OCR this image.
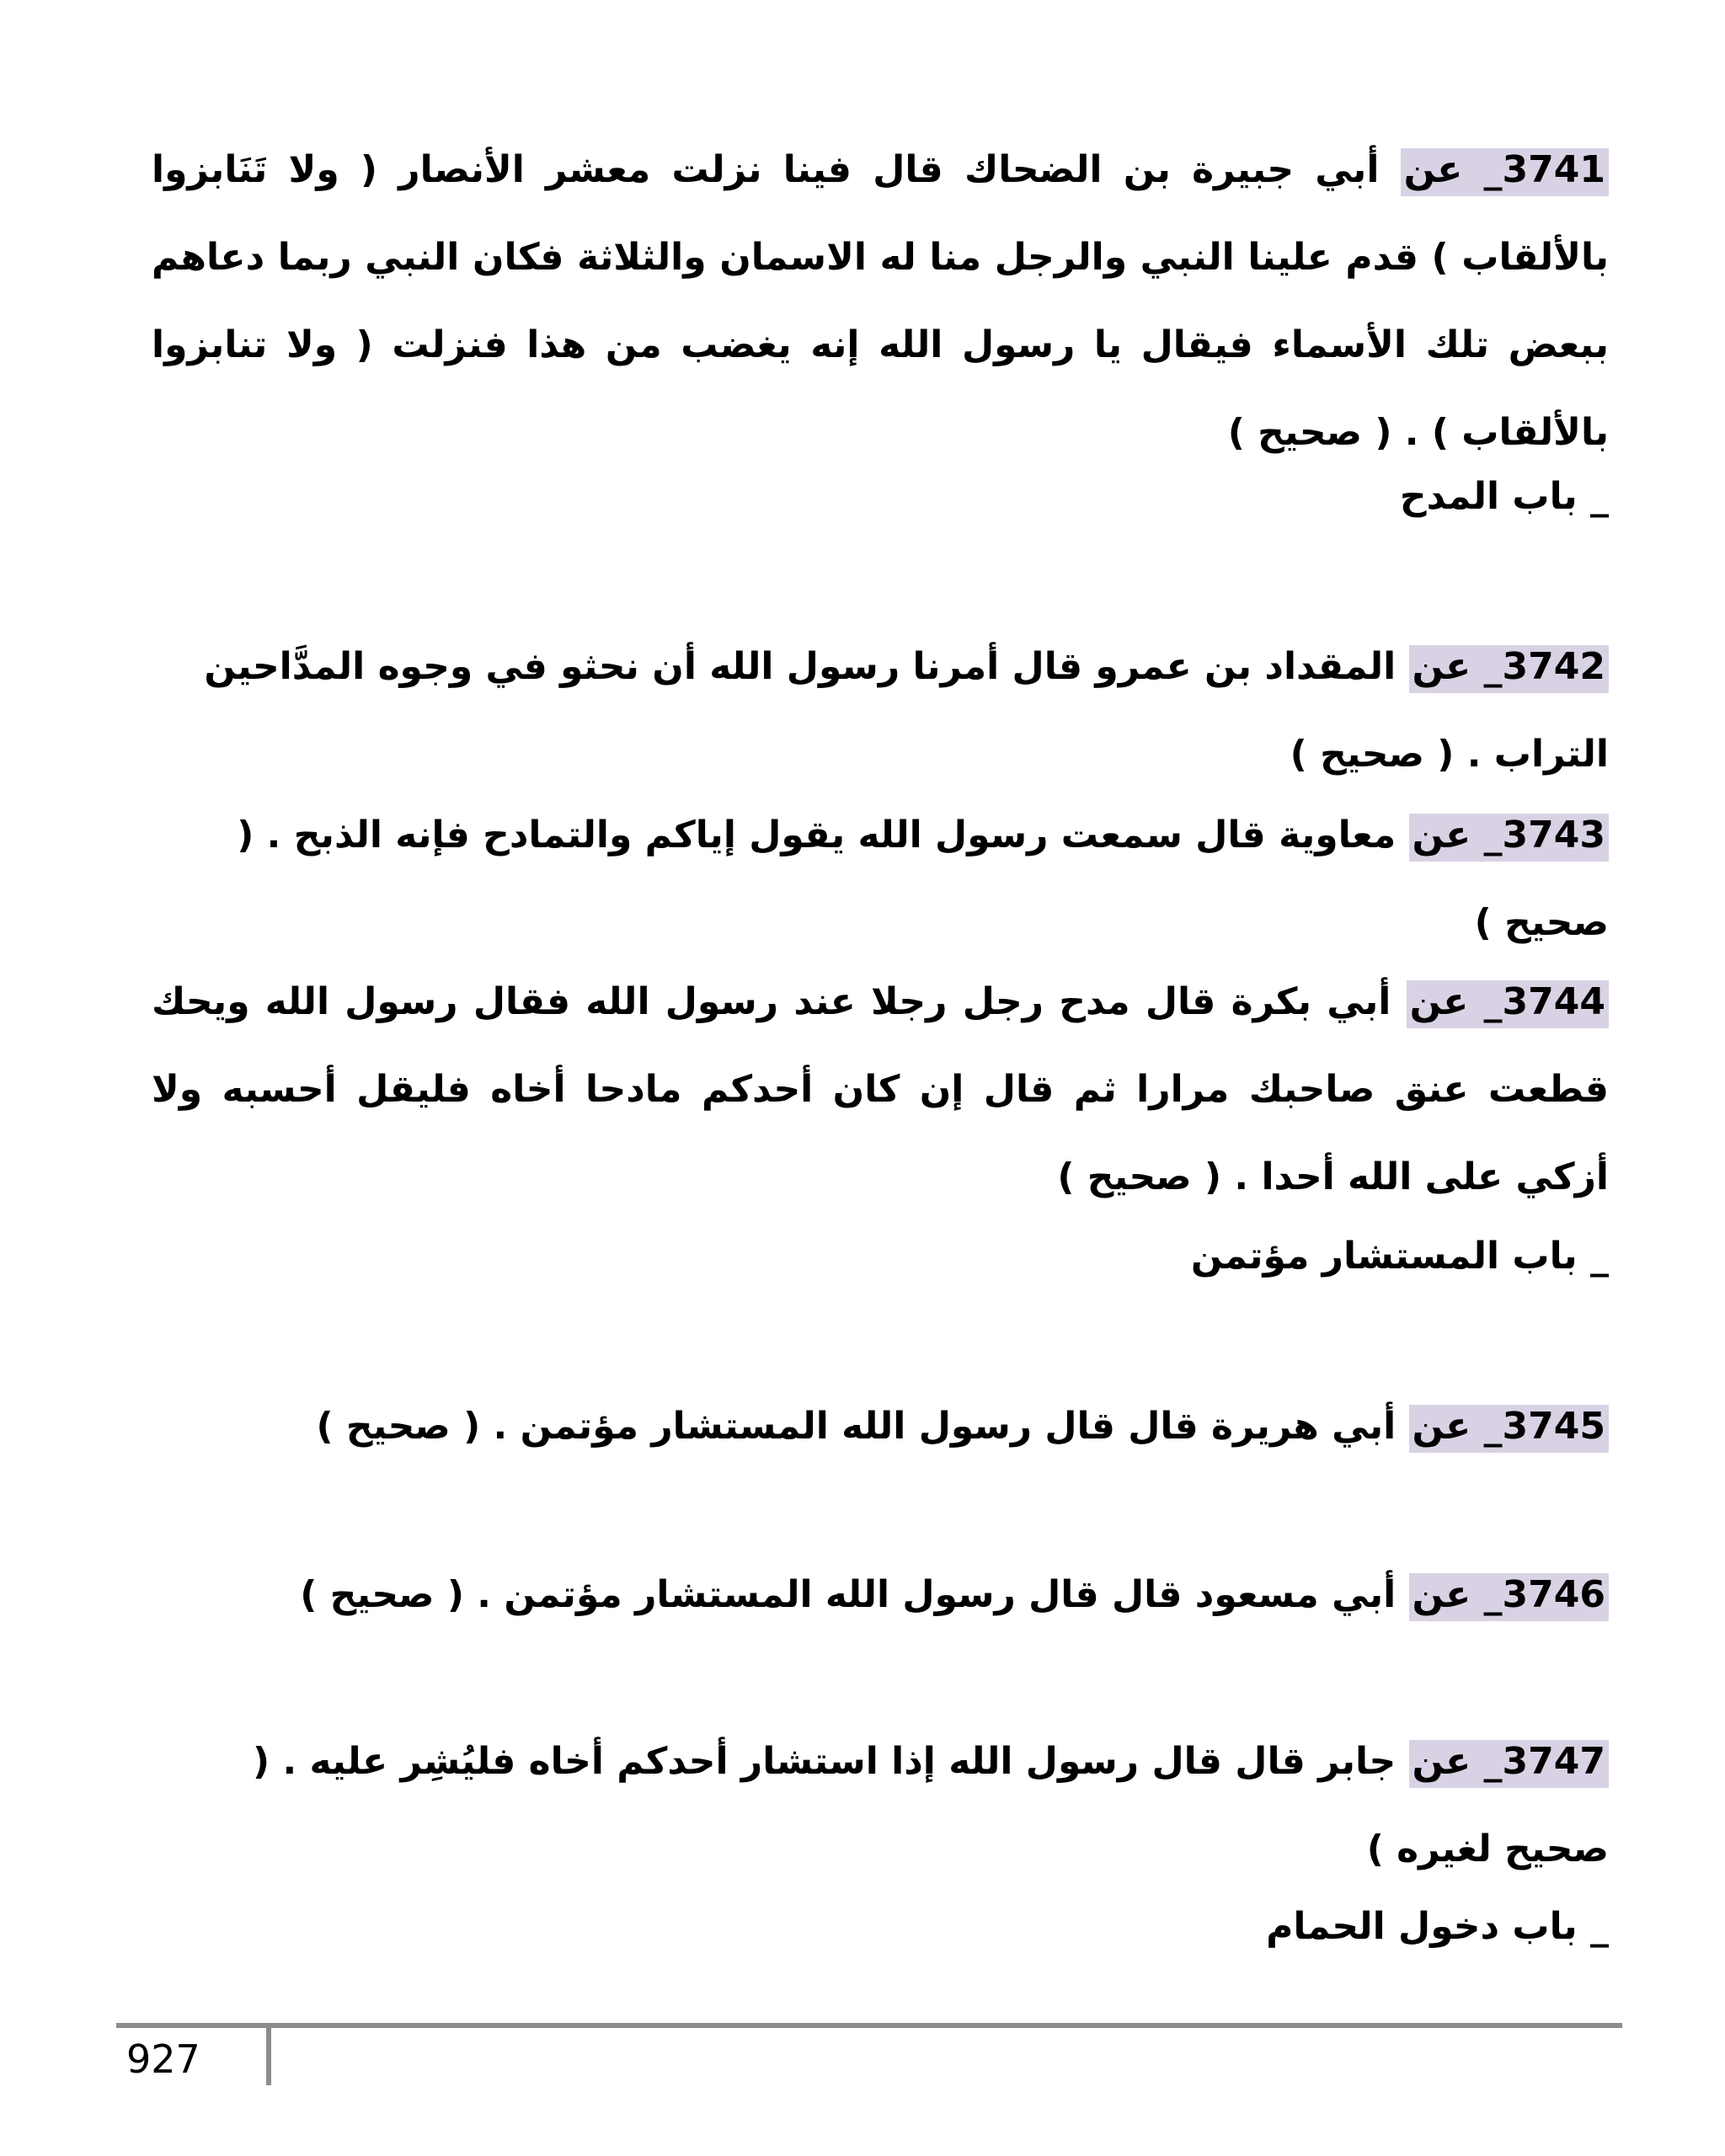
3741_ عن أبي جبيرة بن الضحاك قال فينا نزلت معشر الأنصار ( ولا تَنَابزوا بالألقاب ) قدم علينا النبي والرجل منا له الاسمان والثلاثة فكان النبي ربما دعاهم ببعض تلك الأسماء فيقال يا رسول الله إنه يغضب من هذا فنزلت ( ولا تنابزوا بالألقاب ) . ( صحيح )

_ باب المدح

3742_ عن المقداد بن عمرو قال أمرنا رسول الله أن نحثو في وجوه المدَّاحين التراب . ( صحيح )

3743_ عن معاوية قال سمعت رسول الله يقول إياكم والتمادح فإنه الذبح . ( صحيح )

3744_ عن أبي بكرة قال مدح رجل رجلا عند رسول الله فقال رسول الله ويحك قطعت عنق صاحبك مرارا ثم قال إن كان أحدكم مادحا أخاه فليقل أحسبه ولا أزكي على الله أحدا . ( صحيح )

_ باب المستشار مؤتمن

3745_ عن أبي هريرة قال قال رسول الله المستشار مؤتمن . ( صحيح )

3746_ عن أبي مسعود قال قال رسول الله المستشار مؤتمن . ( صحيح )

3747_ عن جابر قال قال رسول الله إذا استشار أحدكم أخاه فليُشِر عليه . ( صحيح لغيره )

_ باب دخول الحمام

927
